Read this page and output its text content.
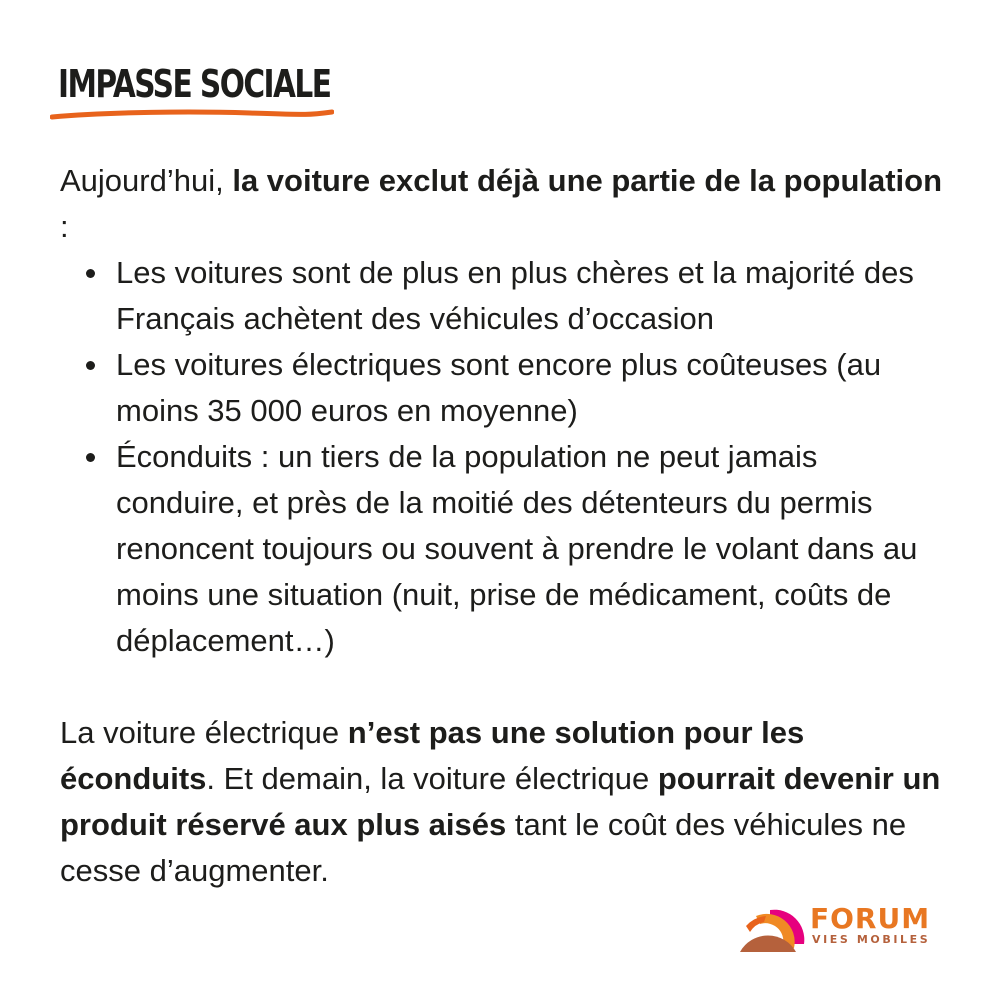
IMPASSE SOCIALE

Aujourd’hui, la voiture exclut déjà une partie de la population :

Les voitures sont de plus en plus chères et la majorité des Français achètent des véhicules d’occasion
Les voitures électriques sont encore plus coûteuses (au moins 35 000 euros en moyenne)
Éconduits : un tiers de la population ne peut jamais conduire, et près de la moitié des détenteurs du permis renoncent toujours ou souvent à prendre le volant dans au moins une situation (nuit, prise de médicament, coûts de déplacement…)

La voiture électrique n’est pas une solution pour les éconduits. Et demain, la voiture électrique pourrait devenir un produit réservé aux plus aisés tant le coût des véhicules ne cesse d’augmenter.

FORUM
VIES MOBILES
